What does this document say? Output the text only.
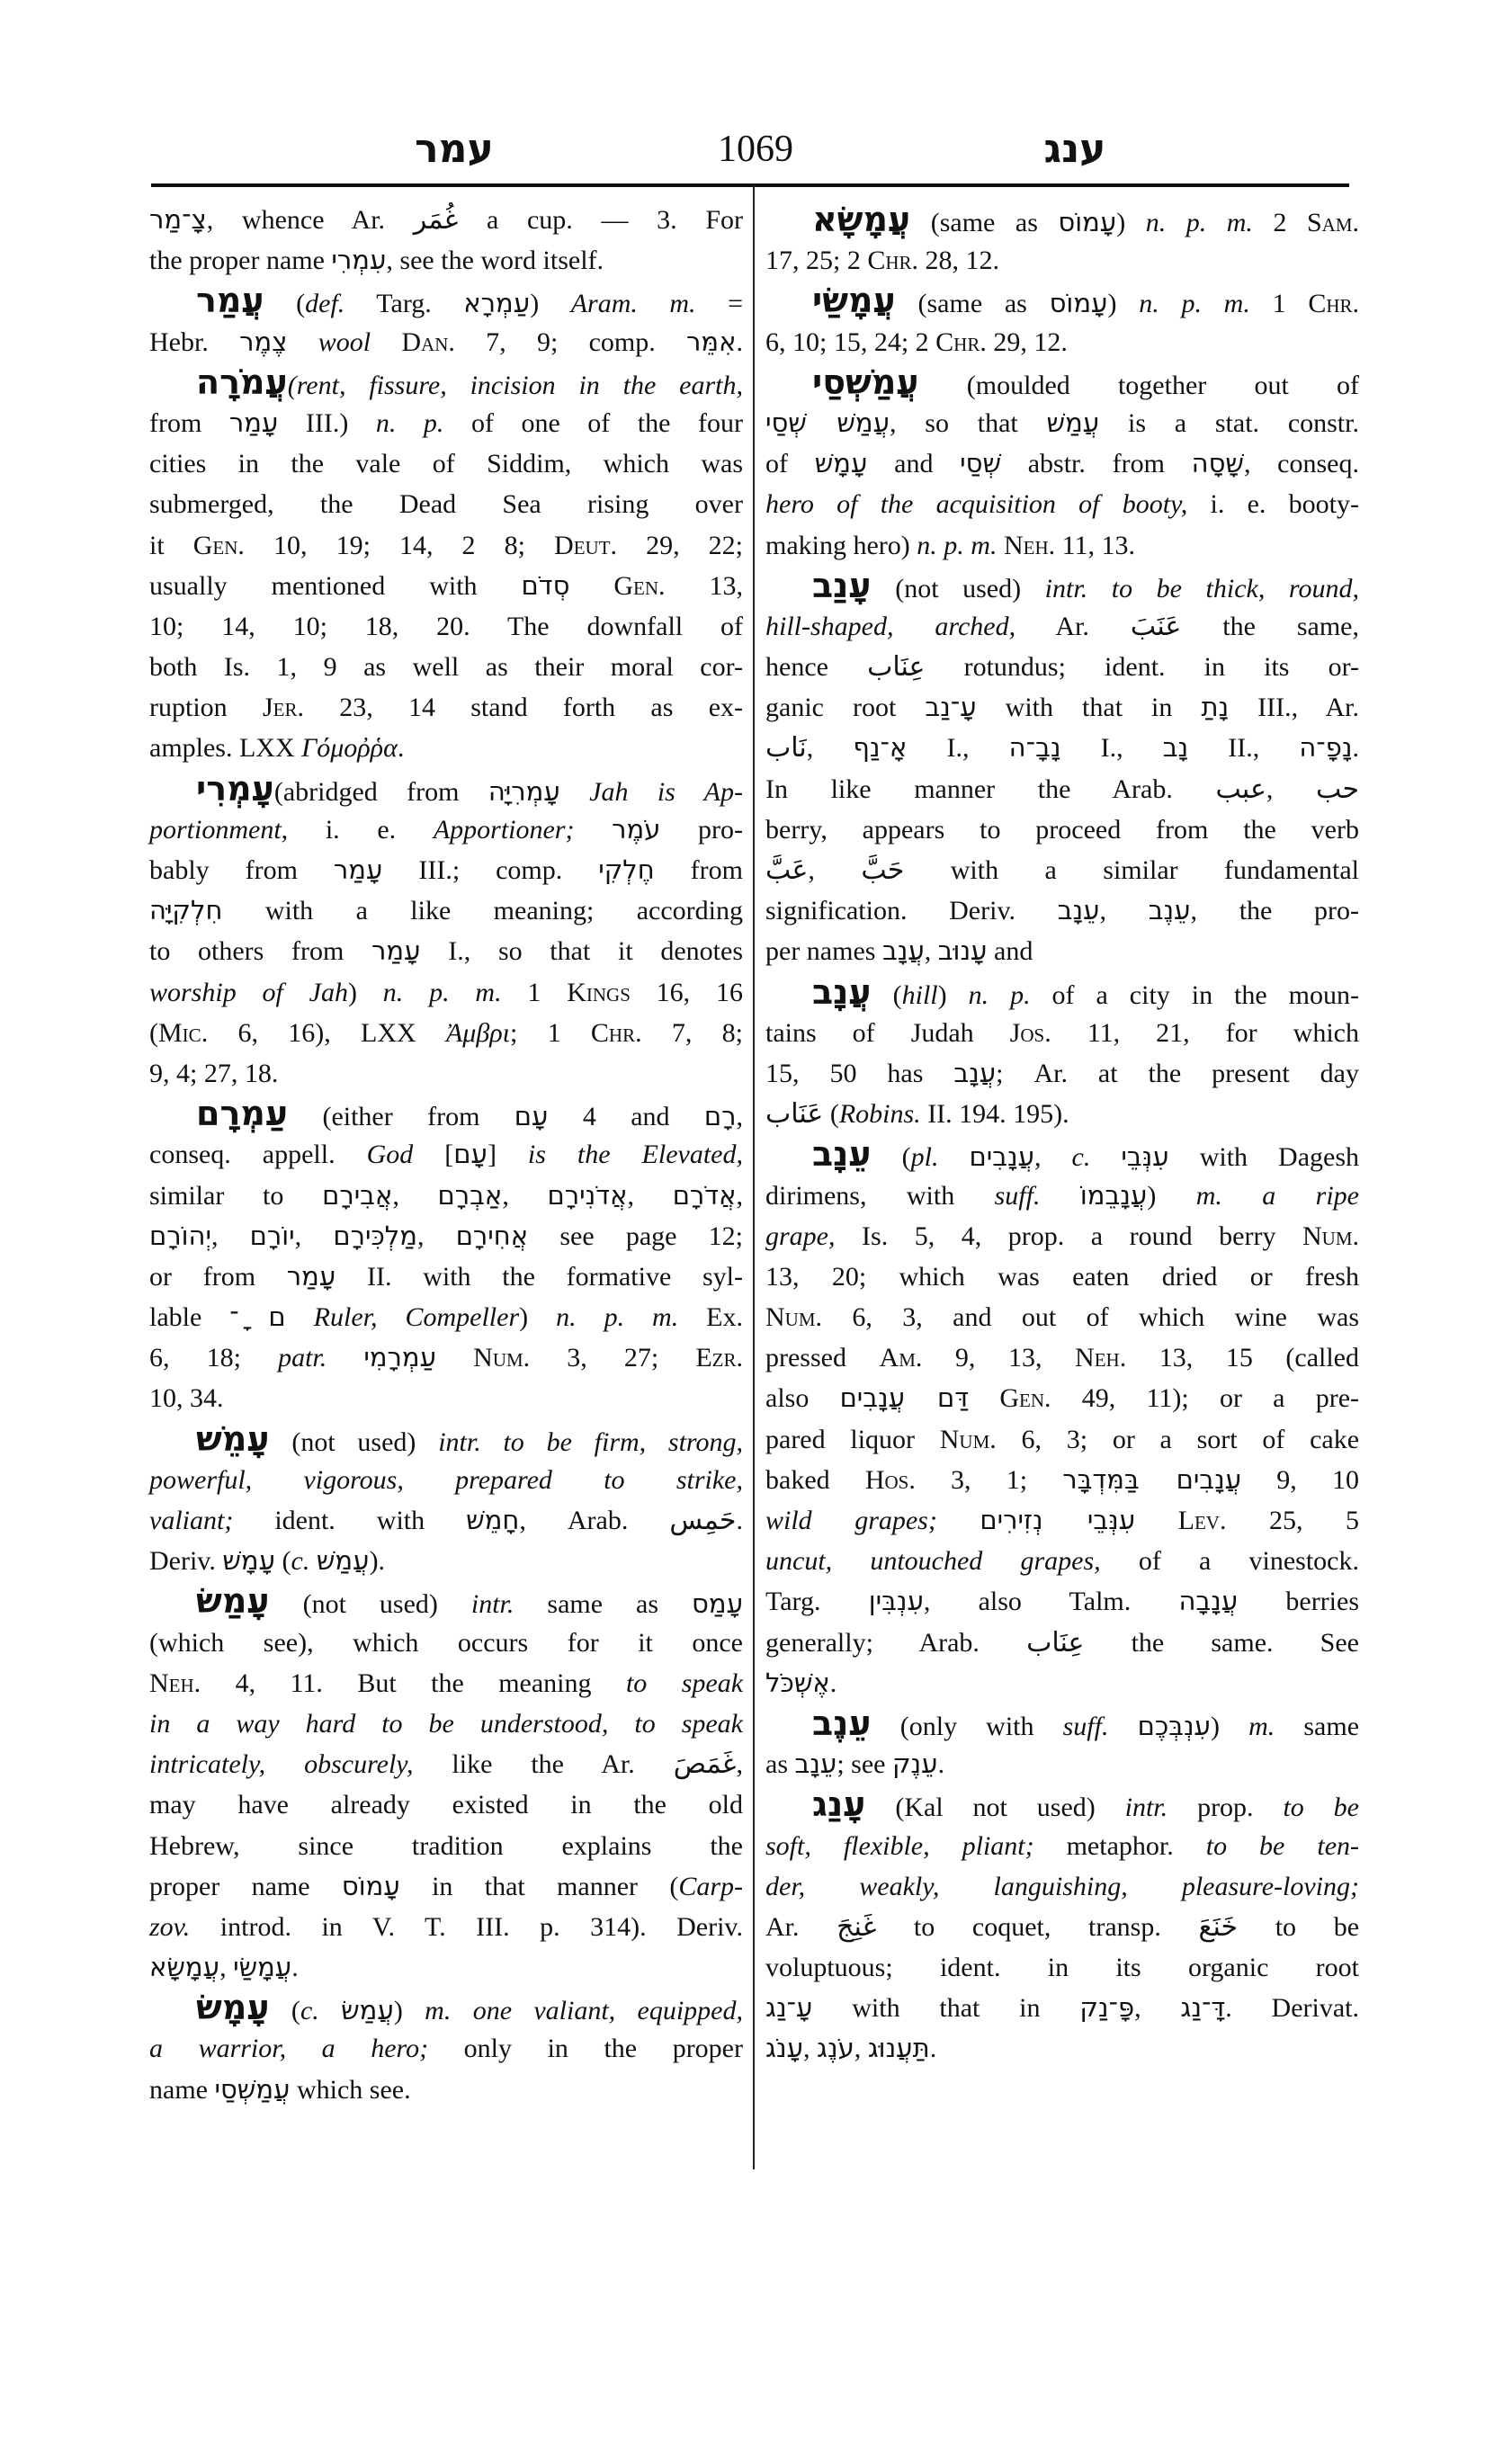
עמר	1069	ענג
צָ־מַר, whence Ar. غُمَر a cup. — 3. For
the proper name עִמְרִי, see the word itself.
עֲמַר (def. Targ. עַמְרָא) Aram. m. =
Hebr. צֶמֶר wool Dan. 7, 9; comp. אִמֵּר.
עֲמֹרָה(rent, fissure, incision in the earth,
from עָמַר III.) n. p. of one of the four
cities in the vale of Siddim, which was
submerged, the Dead Sea rising over
it Gen. 10, 19; 14, 2 8; Deut. 29, 22;
usually mentioned with סְדֹם Gen. 13,
10; 14, 10; 18, 20. The downfall of
both Is. 1, 9 as well as their moral cor-
ruption Jer. 23, 14 stand forth as ex-
amples. LXX Γόμοῤῥα.
עָמְרִי(abridged from עָמְרִיָּה Jah is Ap-
portionment, i. e. Apportioner; עֹמֶר pro-
bably from עָמַר III.; comp. חֶלְקִי from
חִלְקִיָּה with a like meaning; according
to others from עָמַר I., so that it denotes
worship of Jah) n. p. m. 1 Kings 16, 16
(Mic. 6, 16), LXX Ἀμβρι; 1 Chr. 7, 8;
9, 4; 27, 18.
עַמְרָם (either from עָם 4 and רָם,
conseq. appell. God [עָם] is the Elevated,
similar to אֲבִירָם, אַבְרָם, אֲדֹנִירָם, אֲדֹרָם,
יְהוֹרָם, יוֹרָם, מַלְכִּירָם, אֲחִירָם see page 12;
or from עָמַר II. with the formative syl-
lable ם ָ־ Ruler, Compeller) n. p. m. Ex.
6, 18; patr. עַמְרָמִי Num. 3, 27; Ezr.
10, 34.
עָמֵשׁ (not used) intr. to be firm, strong,
powerful, vigorous, prepared to strike,
valiant; ident. with חָמֵשׁ, Arab. حَمِس.
Deriv. עָמָשׁ (c. עֲמַשׁ).
עָמַשׂ (not used) intr. same as עָמַס
(which see), which occurs for it once
Neh. 4, 11. But the meaning to speak
in a way hard to be understood, to speak
intricately, obscurely, like the Ar. غَمَصَ,
may have already existed in the old
Hebrew, since tradition explains the
proper name עָמוֹס in that manner (Carp-
zov. introd. in V. T. III. p. 314). Deriv.
עֲמָשָׂא, עֲמָשַׂי.
עָמָשׂ (c. עֲמַשׂ) m. one valiant, equipped,
a warrior, a hero; only in the proper
name עֲמַשְׁסַי which see.
עֲמָשָׂא (same as עָמוֹס) n. p. m. 2 Sam.
17, 25; 2 Chr. 28, 12.
עֲמָשַׂי (same as עָמוֹס) n. p. m. 1 Chr.
6, 10; 15, 24; 2 Chr. 29, 12.
עֲמַשְׁסַי (moulded together out of
עֲמַשׁ שְׁסַי, so that עֲמַשׁ is a stat. constr.
of עָמָשׁ and שְׁסַי abstr. from שָׁסָה, conseq.
hero of the acquisition of booty, i. e. booty-
making hero) n. p. m. Neh. 11, 13.
עָנַב (not used) intr. to be thick, round,
hill-shaped, arched, Ar. عَنَبَ the same,
hence عِنَاب rotundus; ident. in its or-
ganic root עָ־נַב with that in נָתַ III., Ar.
نَاب, אָ־נַף I., נָבָ־ה I., נָב II., נָפָ־ה.
In like manner the Arab. عبب, حب
berry, appears to proceed from the verb
عَبَّ, حَبَّ with a similar fundamental
signification. Deriv. עֵנָב, עֵנֶב, the pro-
per names עֲנָב, עָנוּב and
עֲנָב (hill) n. p. of a city in the moun-
tains of Judah Jos. 11, 21, for which
15, 50 has עֲנָב; Ar. at the present day
عَنَاب (Robins. II. 194. 195).
עֵנָב (pl. עֲנָבִים, c. עִנְּבֵי with Dagesh
dirimens, with suff. עֲנָבֵמוֹ) m. a ripe
grape, Is. 5, 4, prop. a round berry Num.
13, 20; which was eaten dried or fresh
Num. 6, 3, and out of which wine was
pressed Am. 9, 13, Neh. 13, 15 (called
also דַּם עֲנָבִים Gen. 49, 11); or a pre-
pared liquor Num. 6, 3; or a sort of cake
baked Hos. 3, 1; עֲנָבִים בַּמִּדְבָּר 9, 10
wild grapes; עִנְּבֵי נְזִירִים Lev. 25, 5
uncut, untouched grapes, of a vinestock.
Targ. עִנְבִּין, also Talm. עֲנָבָה berries
generally; Arab. عِنَاب the same. See
אֶשְׁכֹּל.
עֵנֶב (only with suff. עִנְבְּכֶם) m. same
as עֵנָב; see עֵנֶק.
עָנַג (Kal not used) intr. prop. to be
soft, flexible, pliant; metaphor. to be ten-
der, weakly, languishing, pleasure-loving;
Ar. غَنِجَ to coquet, transp. خَنَعَ to be
voluptuous; ident. in its organic root
עָ־נַג with that in פָּ־נַק, דָּ־נַג. Derivat.
עָנֹג, עֹנֶג, תַּעֲנוּג.
